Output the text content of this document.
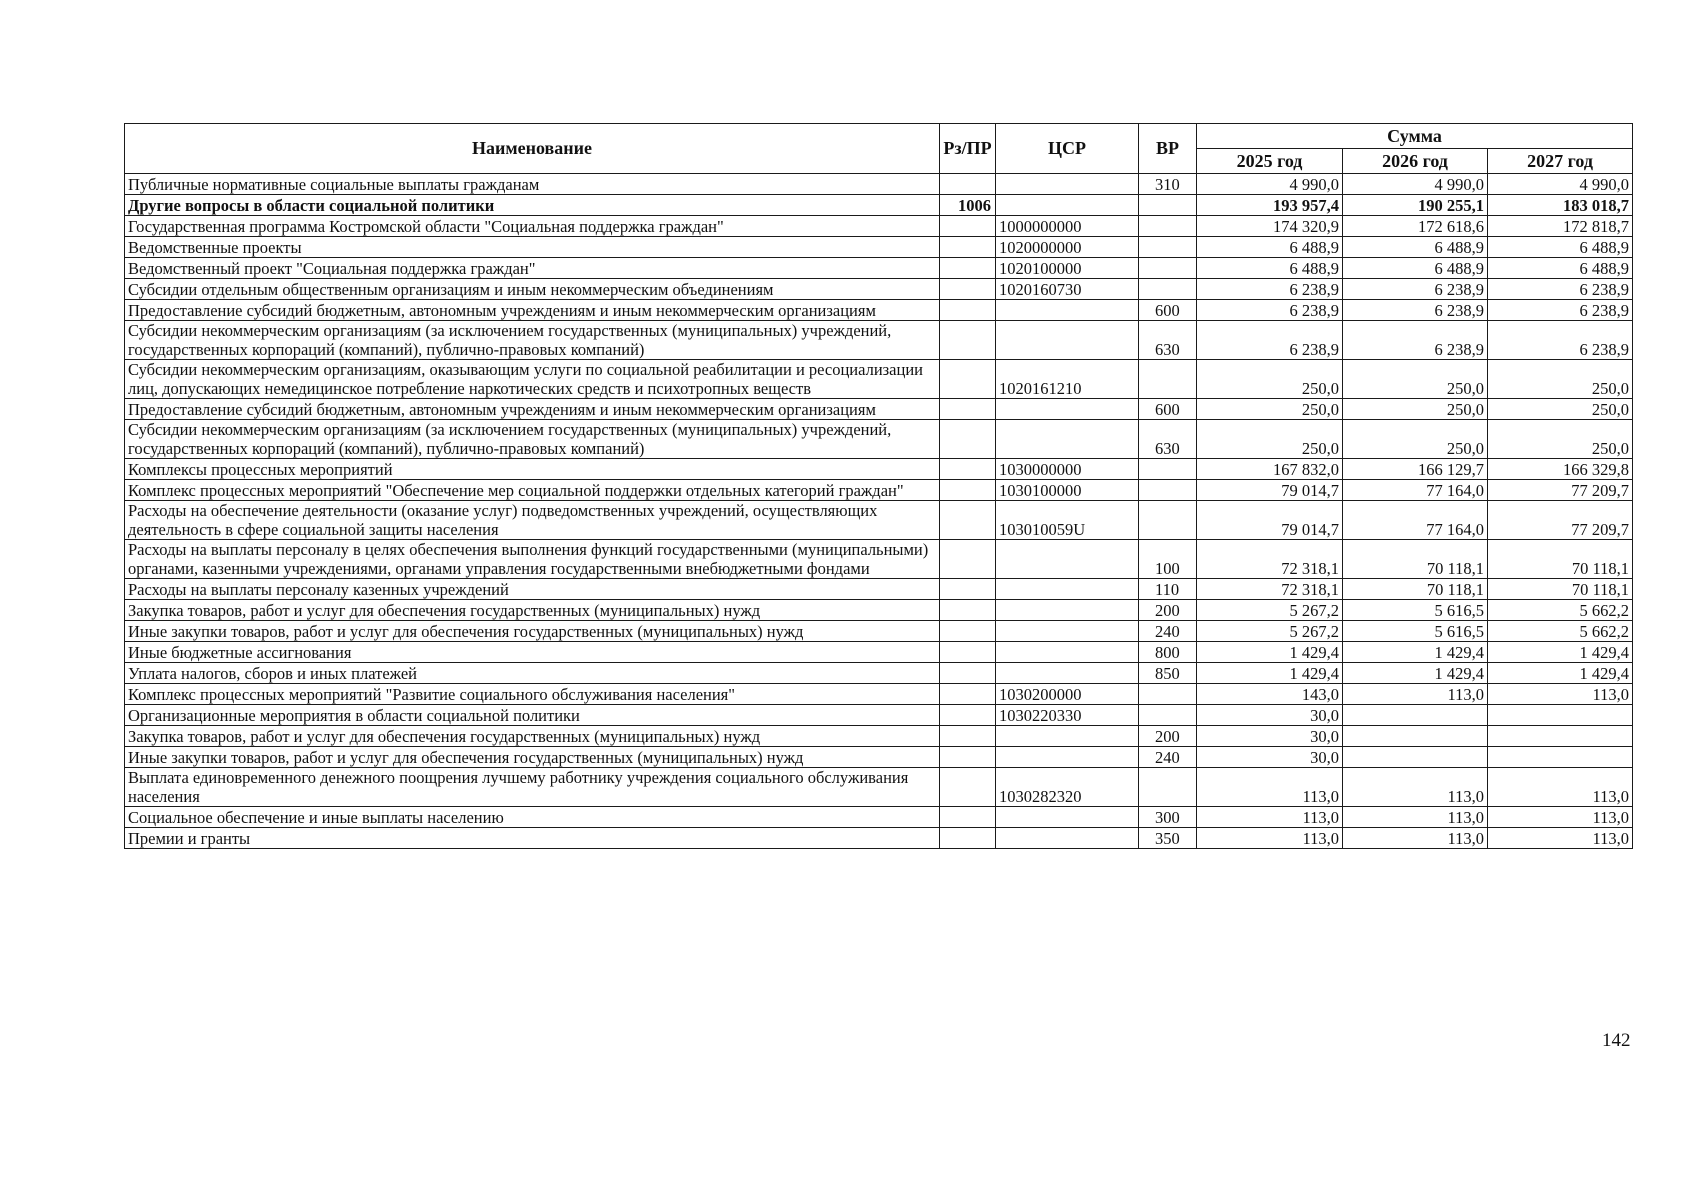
Наименование	Рз/ПР	ЦСР	ВР	Сумма		
				2025 год	2026 год	2027 год
Публичные нормативные социальные выплаты гражданам			310	4 990,0	4 990,0	4 990,0
Другие вопросы в области социальной политики	1006			193 957,4	190 255,1	183 018,7
Государственная программа Костромской области "Социальная поддержка граждан"		1000000000		174 320,9	172 618,6	172 818,7
Ведомственные проекты		1020000000		6 488,9	6 488,9	6 488,9
Ведомственный проект "Социальная поддержка граждан"		1020100000		6 488,9	6 488,9	6 488,9
Субсидии отдельным общественным организациям и иным некоммерческим объединениям		1020160730		6 238,9	6 238,9	6 238,9
Предоставление субсидий бюджетным, автономным учреждениям и иным некоммерческим организациям			600	6 238,9	6 238,9	6 238,9
Субсидии некоммерческим организациям (за исключением государственных (муниципальных) учреждений, государственных корпораций (компаний), публично-правовых компаний)			630	6 238,9	6 238,9	6 238,9
Субсидии некоммерческим организациям, оказывающим услуги по социальной реабилитации и ресоциализации лиц, допускающих немедицинское потребление наркотических средств и психотропных веществ		1020161210		250,0	250,0	250,0
Предоставление субсидий бюджетным, автономным учреждениям и иным некоммерческим организациям			600	250,0	250,0	250,0
Субсидии некоммерческим организациям (за исключением государственных (муниципальных) учреждений, государственных корпораций (компаний), публично-правовых компаний)			630	250,0	250,0	250,0
Комплексы процессных мероприятий		1030000000		167 832,0	166 129,7	166 329,8
Комплекс процессных мероприятий "Обеспечение мер социальной поддержки отдельных категорий граждан"		1030100000		79 014,7	77 164,0	77 209,7
Расходы на обеспечение деятельности (оказание услуг) подведомственных учреждений, осуществляющих деятельность в сфере социальной защиты населения		103010059U		79 014,7	77 164,0	77 209,7
Расходы на выплаты персоналу в целях обеспечения выполнения функций государственными (муниципальными) органами, казенными учреждениями, органами управления государственными внебюджетными фондами			100	72 318,1	70 118,1	70 118,1
Расходы на выплаты персоналу казенных учреждений			110	72 318,1	70 118,1	70 118,1
Закупка товаров, работ и услуг для обеспечения государственных (муниципальных) нужд			200	5 267,2	5 616,5	5 662,2
Иные закупки товаров, работ и услуг для обеспечения государственных (муниципальных) нужд			240	5 267,2	5 616,5	5 662,2
Иные бюджетные ассигнования			800	1 429,4	1 429,4	1 429,4
Уплата налогов, сборов и иных платежей			850	1 429,4	1 429,4	1 429,4
Комплекс процессных мероприятий "Развитие социального обслуживания населения"		1030200000		143,0	113,0	113,0
Организационные мероприятия в области социальной политики		1030220330		30,0		
Закупка товаров, работ и услуг для обеспечения государственных (муниципальных) нужд			200	30,0		
Иные закупки товаров, работ и услуг для обеспечения государственных (муниципальных) нужд			240	30,0		
Выплата единовременного денежного поощрения лучшему работнику учреждения социального обслуживания населения		1030282320		113,0	113,0	113,0
Социальное обеспечение и иные выплаты населению			300	113,0	113,0	113,0
Премии и гранты			350	113,0	113,0	113,0
142
